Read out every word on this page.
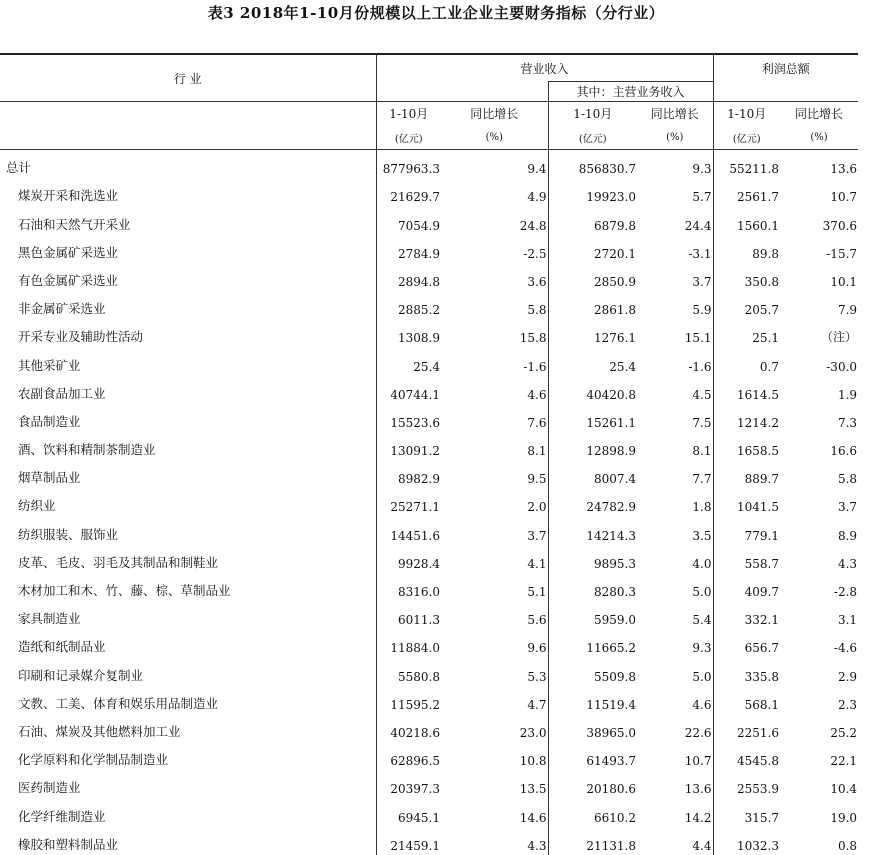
表3 2018年1-10月份规模以上工业企业主要财务指标（分行业）
行 业	营业收入				利润总额	
			其中：主营业务收入			
	1-10月	同比增长	1-10月	同比增长	1-10月	同比增长
	(亿元)	(%)	(亿元)	(%)	(亿元)	(%)
总计	877963.3	9.4	856830.7	9.3	55211.8	13.6
煤炭开采和洗选业	21629.7	4.9	19923.0	5.7	2561.7	10.7
石油和天然气开采业	7054.9	24.8	6879.8	24.4	1560.1	370.6
黑色金属矿采选业	2784.9	-2.5	2720.1	-3.1	89.8	-15.7
有色金属矿采选业	2894.8	3.6	2850.9	3.7	350.8	10.1
非金属矿采选业	2885.2	5.8	2861.8	5.9	205.7	7.9
开采专业及辅助性活动	1308.9	15.8	1276.1	15.1	25.1	（注）
其他采矿业	25.4	-1.6	25.4	-1.6	0.7	-30.0
农副食品加工业	40744.1	4.6	40420.8	4.5	1614.5	1.9
食品制造业	15523.6	7.6	15261.1	7.5	1214.2	7.3
酒、饮料和精制茶制造业	13091.2	8.1	12898.9	8.1	1658.5	16.6
烟草制品业	8982.9	9.5	8007.4	7.7	889.7	5.8
纺织业	25271.1	2.0	24782.9	1.8	1041.5	3.7
纺织服装、服饰业	14451.6	3.7	14214.3	3.5	779.1	8.9
皮革、毛皮、羽毛及其制品和制鞋业	9928.4	4.1	9895.3	4.0	558.7	4.3
木材加工和木、竹、藤、棕、草制品业	8316.0	5.1	8280.3	5.0	409.7	-2.8
家具制造业	6011.3	5.6	5959.0	5.4	332.1	3.1
造纸和纸制品业	11884.0	9.6	11665.2	9.3	656.7	-4.6
印刷和记录媒介复制业	5580.8	5.3	5509.8	5.0	335.8	2.9
文教、工美、体育和娱乐用品制造业	11595.2	4.7	11519.4	4.6	568.1	2.3
石油、煤炭及其他燃料加工业	40218.6	23.0	38965.0	22.6	2251.6	25.2
化学原料和化学制品制造业	62896.5	10.8	61493.7	10.7	4545.8	22.1
医药制造业	20397.3	13.5	20180.6	13.6	2553.9	10.4
化学纤维制造业	6945.1	14.6	6610.2	14.2	315.7	19.0
橡胶和塑料制品业	21459.1	4.3	21131.8	4.4	1032.3	0.8
